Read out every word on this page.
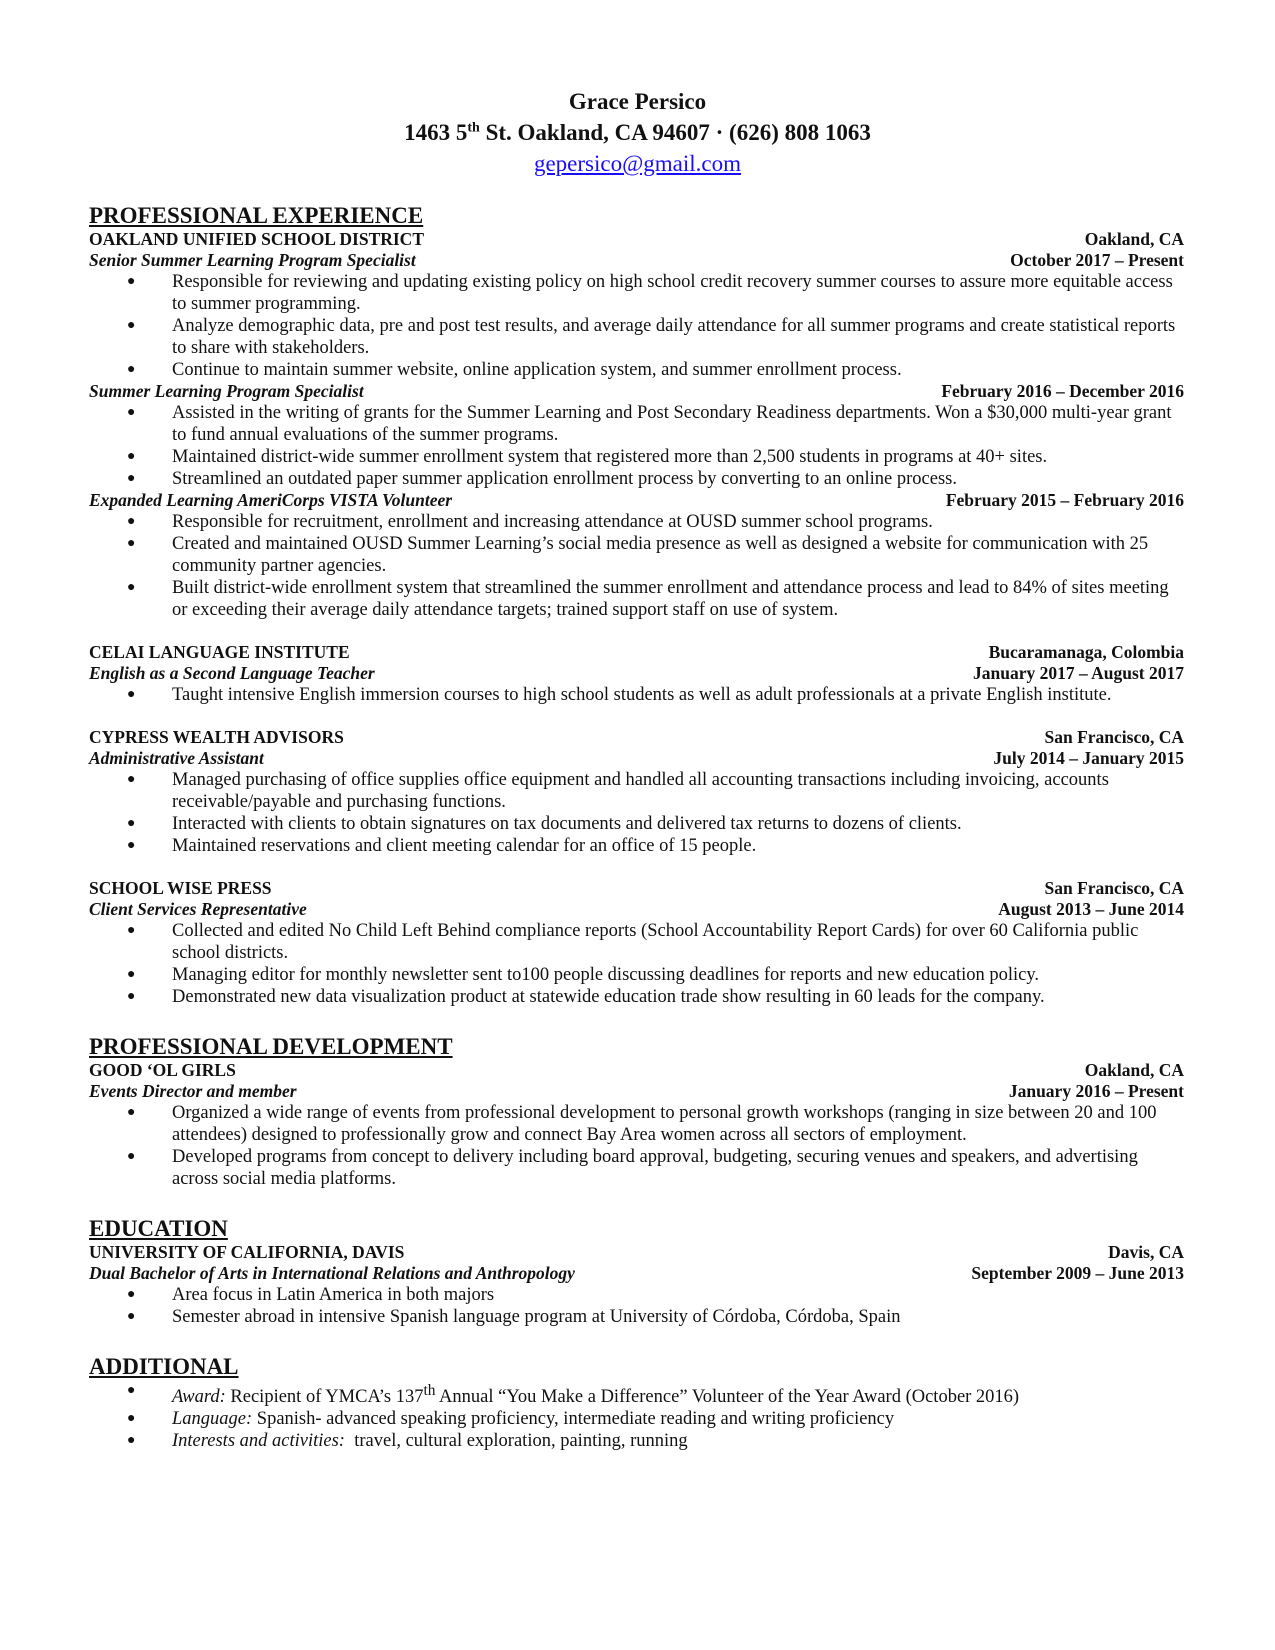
Grace Persico
1463 5th St. Oakland, CA 94607 · (626) 808 1063
gepersico@gmail.com
PROFESSIONAL EXPERIENCE
OAKLAND UNIFIED SCHOOL DISTRICT	Oakland, CA
Senior Summer Learning Program Specialist	October 2017 – Present
● Responsible for reviewing and updating existing policy on high school credit recovery summer courses to assure more equitable access to summer programming.
● Analyze demographic data, pre and post test results, and average daily attendance for all summer programs and create statistical reports to share with stakeholders.
● Continue to maintain summer website, online application system, and summer enrollment process.
Summer Learning Program Specialist	February 2016 – December 2016
● Assisted in the writing of grants for the Summer Learning and Post Secondary Readiness departments. Won a $30,000 multi-year grant to fund annual evaluations of the summer programs.
● Maintained district-wide summer enrollment system that registered more than 2,500 students in programs at 40+ sites.
● Streamlined an outdated paper summer application enrollment process by converting to an online process.
Expanded Learning AmeriCorps VISTA Volunteer	February 2015 – February 2016
● Responsible for recruitment, enrollment and increasing attendance at OUSD summer school programs.
● Created and maintained OUSD Summer Learning’s social media presence as well as designed a website for communication with 25 community partner agencies.
● Built district-wide enrollment system that streamlined the summer enrollment and attendance process and lead to 84% of sites meeting or exceeding their average daily attendance targets; trained support staff on use of system.
CELAI LANGUAGE INSTITUTE	Bucaramanaga, Colombia
English as a Second Language Teacher	January 2017 – August 2017
● Taught intensive English immersion courses to high school students as well as adult professionals at a private English institute.
CYPRESS WEALTH ADVISORS	San Francisco, CA
Administrative Assistant	July 2014 – January 2015
● Managed purchasing of office supplies office equipment and handled all accounting transactions including invoicing, accounts receivable/payable and purchasing functions.
● Interacted with clients to obtain signatures on tax documents and delivered tax returns to dozens of clients.
● Maintained reservations and client meeting calendar for an office of 15 people.
SCHOOL WISE PRESS	San Francisco, CA
Client Services Representative	August 2013 – June 2014
● Collected and edited No Child Left Behind compliance reports (School Accountability Report Cards) for over 60 California public school districts.
● Managing editor for monthly newsletter sent to100 people discussing deadlines for reports and new education policy.
● Demonstrated new data visualization product at statewide education trade show resulting in 60 leads for the company.
PROFESSIONAL DEVELOPMENT
GOOD ‘OL GIRLS	Oakland, CA
Events Director and member	January 2016 – Present
● Organized a wide range of events from professional development to personal growth workshops (ranging in size between 20 and 100 attendees) designed to professionally grow and connect Bay Area women across all sectors of employment.
● Developed programs from concept to delivery including board approval, budgeting, securing venues and speakers, and advertising across social media platforms.
EDUCATION
UNIVERSITY OF CALIFORNIA, DAVIS	Davis, CA
Dual Bachelor of Arts in International Relations and Anthropology	September 2009 – June 2013
● Area focus in Latin America in both majors
● Semester abroad in intensive Spanish language program at University of Córdoba, Córdoba, Spain
ADDITIONAL
● Award: Recipient of YMCA’s 137th Annual “You Make a Difference” Volunteer of the Year Award (October 2016)
● Language: Spanish- advanced speaking proficiency, intermediate reading and writing proficiency
● Interests and activities:  travel, cultural exploration, painting, running
